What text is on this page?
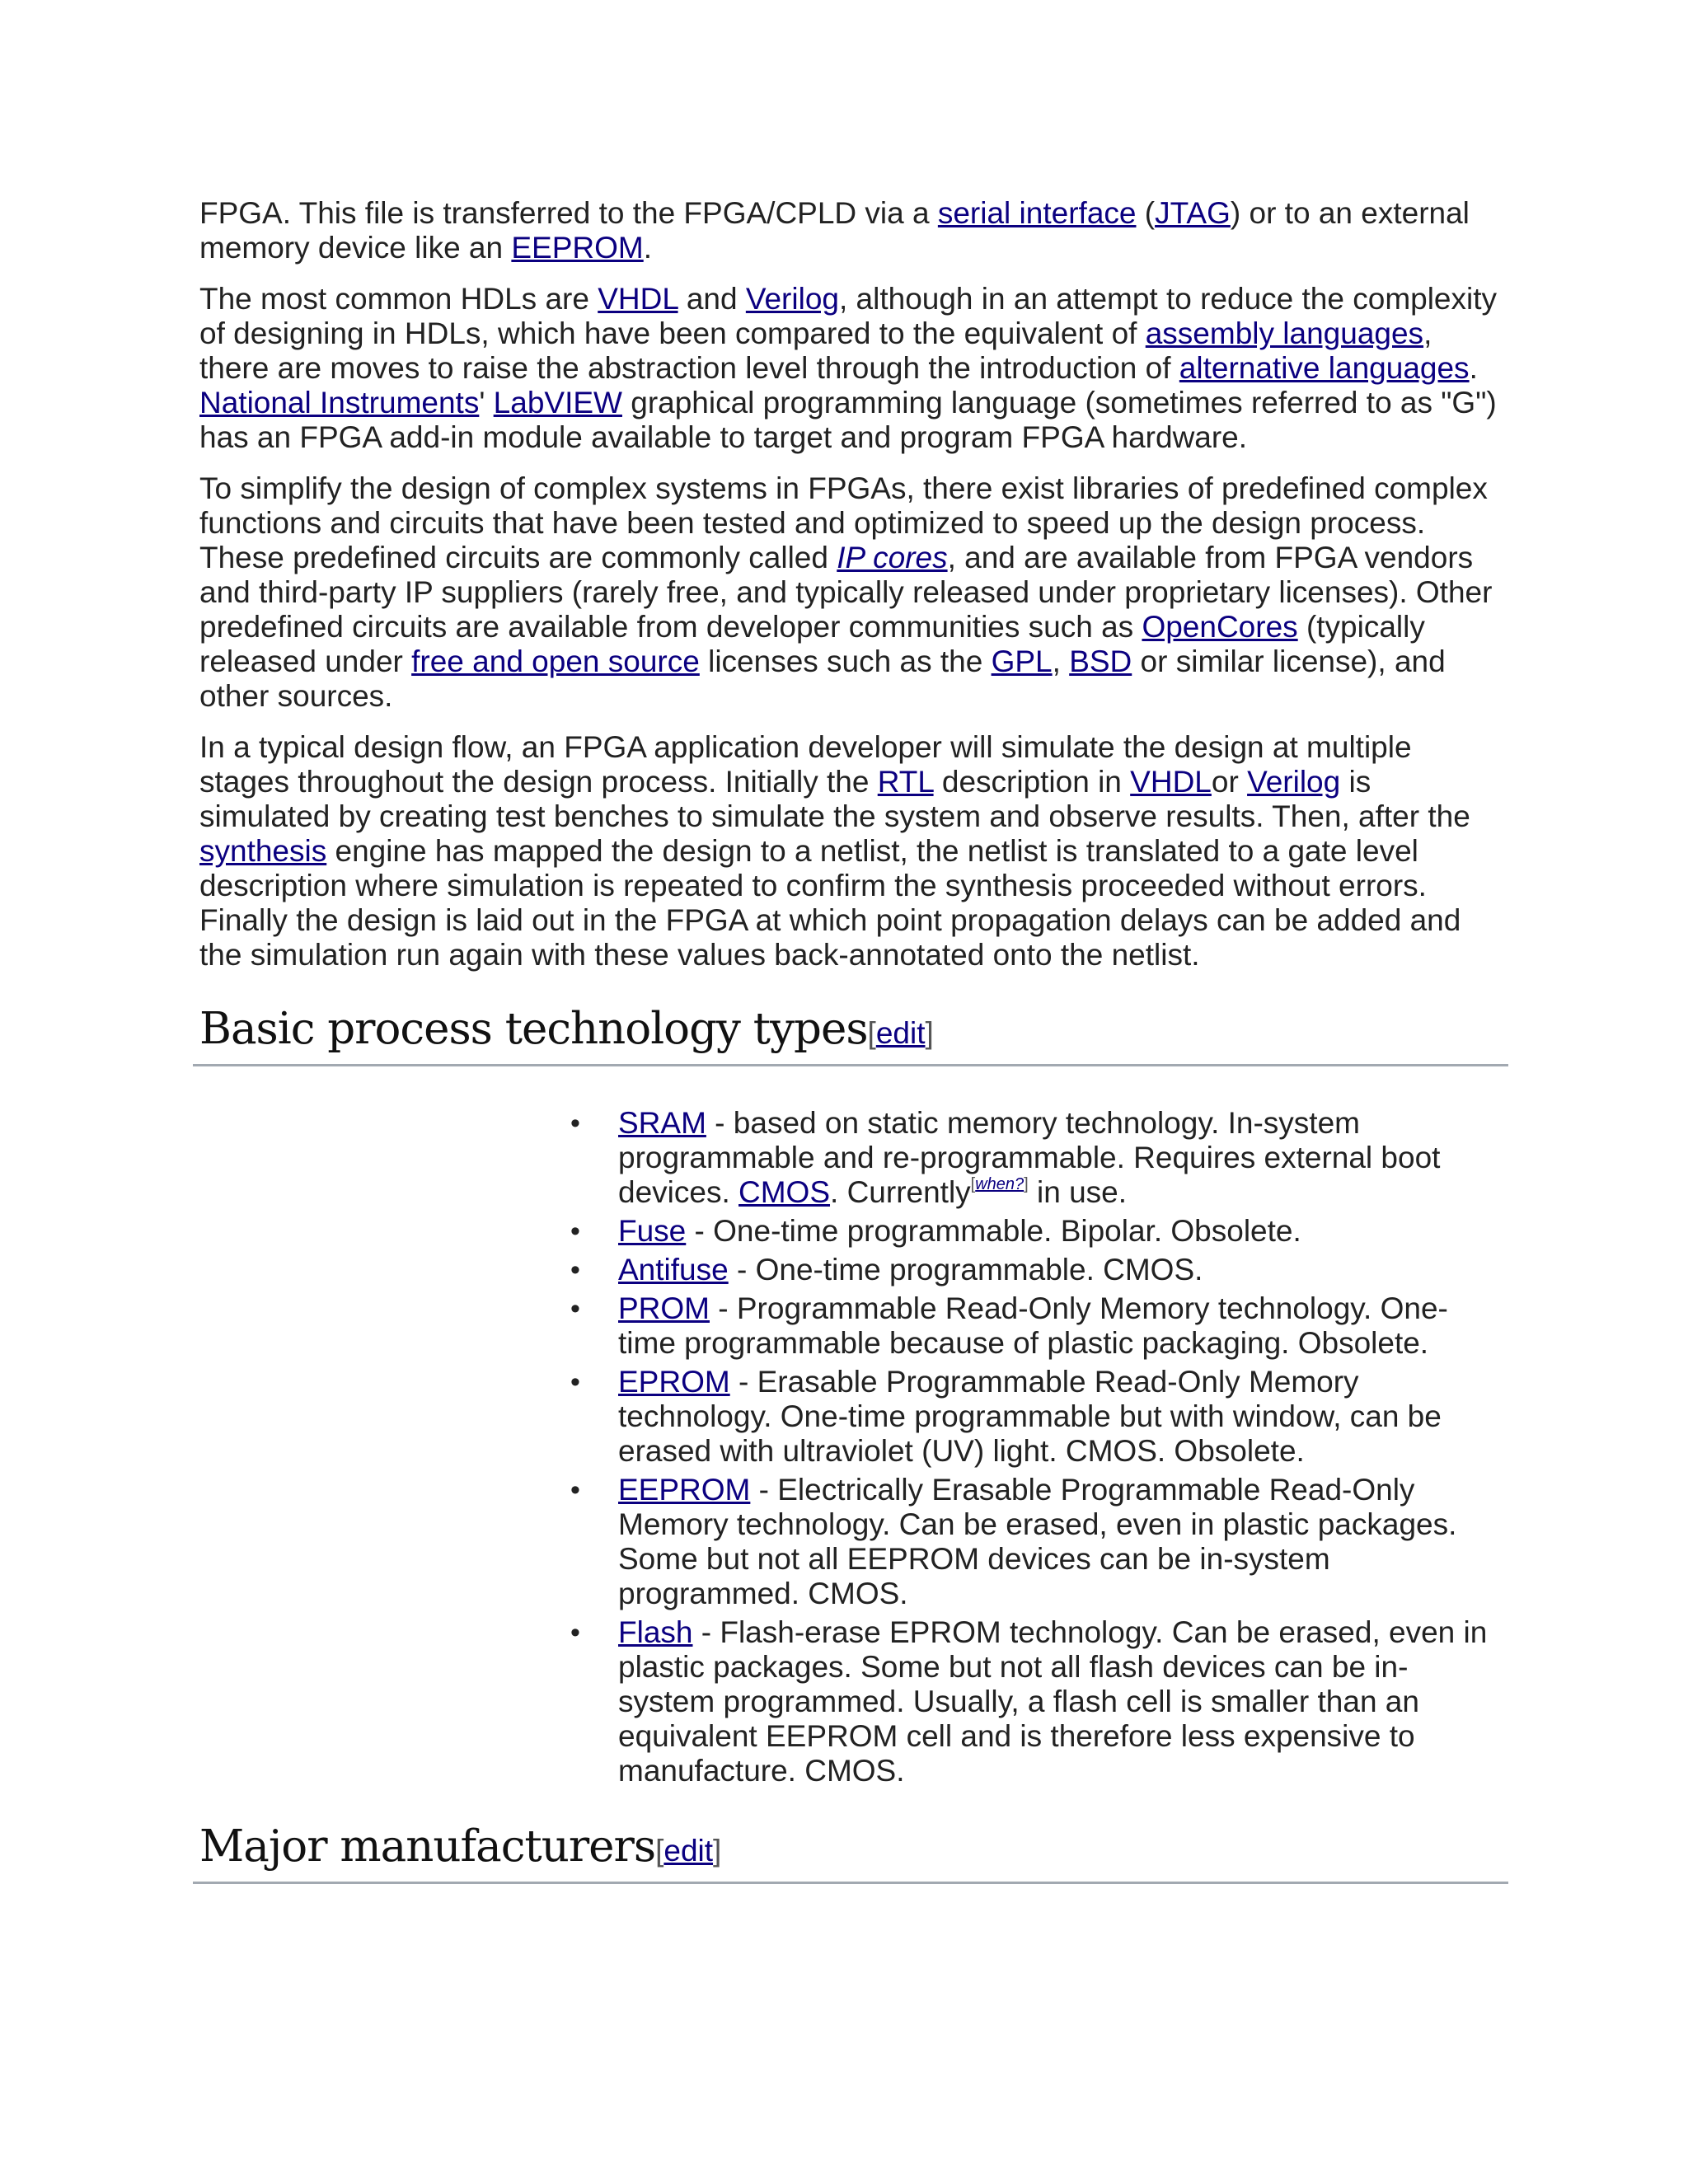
FPGA. This file is transferred to the FPGA/CPLD via a serial interface (JTAG) or to an external memory device like an EEPROM.

The most common HDLs are VHDL and Verilog, although in an attempt to reduce the complexity of designing in HDLs, which have been compared to the equivalent of assembly languages, there are moves to raise the abstraction level through the introduction of alternative languages. National Instruments' LabVIEW graphical programming language (sometimes referred to as "G") has an FPGA add-in module available to target and program FPGA hardware.

To simplify the design of complex systems in FPGAs, there exist libraries of predefined complex functions and circuits that have been tested and optimized to speed up the design process. These predefined circuits are commonly called IP cores, and are available from FPGA vendors and third-party IP suppliers (rarely free, and typically released under proprietary licenses). Other predefined circuits are available from developer communities such as OpenCores (typically released under free and open source licenses such as the GPL, BSD or similar license), and other sources.

In a typical design flow, an FPGA application developer will simulate the design at multiple stages throughout the design process. Initially the RTL description in VHDLor Verilog is simulated by creating test benches to simulate the system and observe results. Then, after the synthesis engine has mapped the design to a netlist, the netlist is translated to a gate level description where simulation is repeated to confirm the synthesis proceeded without errors. Finally the design is laid out in the FPGA at which point propagation delays can be added and the simulation run again with these values back-annotated onto the netlist.

Basic process technology types[edit]
• SRAM - based on static memory technology. In-system programmable and re-programmable. Requires external boot devices. CMOS. Currently[when?] in use.
• Fuse - One-time programmable. Bipolar. Obsolete.
• Antifuse - One-time programmable. CMOS.
• PROM - Programmable Read-Only Memory technology. One-time programmable because of plastic packaging. Obsolete.
• EPROM - Erasable Programmable Read-Only Memory technology. One-time programmable but with window, can be erased with ultraviolet (UV) light. CMOS. Obsolete.
• EEPROM - Electrically Erasable Programmable Read-Only Memory technology. Can be erased, even in plastic packages. Some but not all EEPROM devices can be in-system programmed. CMOS.
• Flash - Flash-erase EPROM technology. Can be erased, even in plastic packages. Some but not all flash devices can be in-system programmed. Usually, a flash cell is smaller than an equivalent EEPROM cell and is therefore less expensive to manufacture. CMOS.
Major manufacturers[edit]
